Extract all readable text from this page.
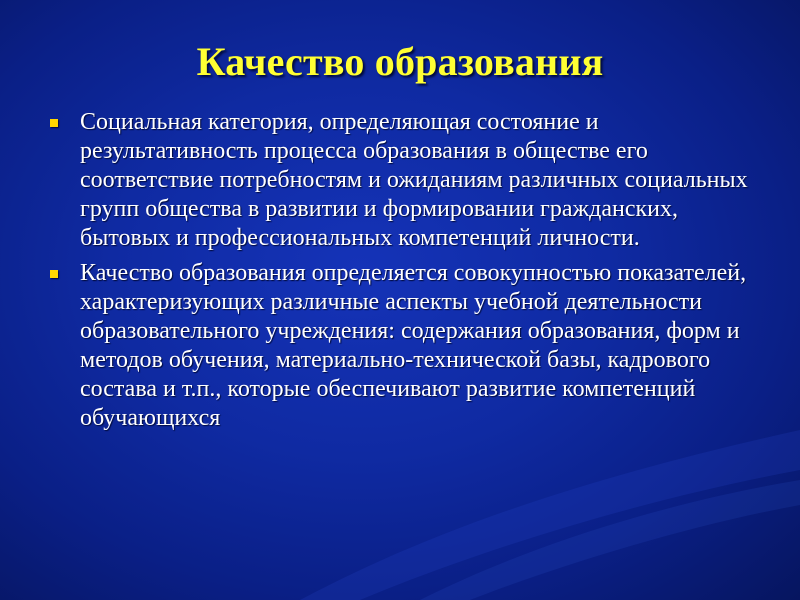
Качество образования
Социальная категория, определяющая состояние и результативность процесса образования в обществе его соответствие потребностям и ожиданиям различных социальных групп общества в развитии и формировании гражданских, бытовых и профессиональных компетенций личности.
Качество образования определяется совокупностью показателей, характеризующих различные аспекты учебной деятельности образовательного учреждения: содержания образования, форм и методов обучения, материально-технической базы, кадрового состава и т.п., которые обеспечивают развитие компетенций обучающихся
